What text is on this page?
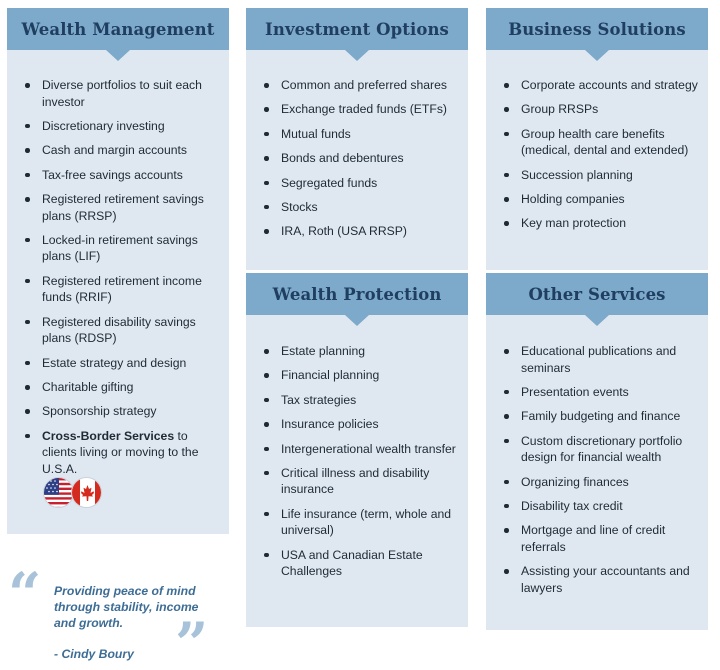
Wealth Management
Diverse portfolios to suit each investor
Discretionary investing
Cash and margin accounts
Tax-free savings accounts
Registered retirement savings plans (RRSP)
Locked-in retirement savings plans (LIF)
Registered retirement income funds (RRIF)
Registered disability savings plans (RDSP)
Estate strategy and design
Charitable gifting
Sponsorship strategy
Cross-Border Services to clients living or moving to the U.S.A.
Investment Options
Common and preferred shares
Exchange traded funds (ETFs)
Mutual funds
Bonds and debentures
Segregated funds
Stocks
IRA, Roth (USA RRSP)
Business Solutions
Corporate accounts and strategy
Group RRSPs
Group health care benefits (medical, dental and extended)
Succession planning
Holding companies
Key man protection
Wealth Protection
Estate planning
Financial planning
Tax strategies
Insurance policies
Intergenerational wealth transfer
Critical illness and disability insurance
Life insurance (term, whole and universal)
USA and Canadian Estate Challenges
Other Services
Educational publications and seminars
Presentation events
Family budgeting and finance
Custom discretionary portfolio design for financial wealth
Organizing finances
Disability tax credit
Mortgage and line of credit referrals
Assisting your accountants and lawyers
“ Providing peace of mind through stability, income and growth.
- Cindy Boury ”
